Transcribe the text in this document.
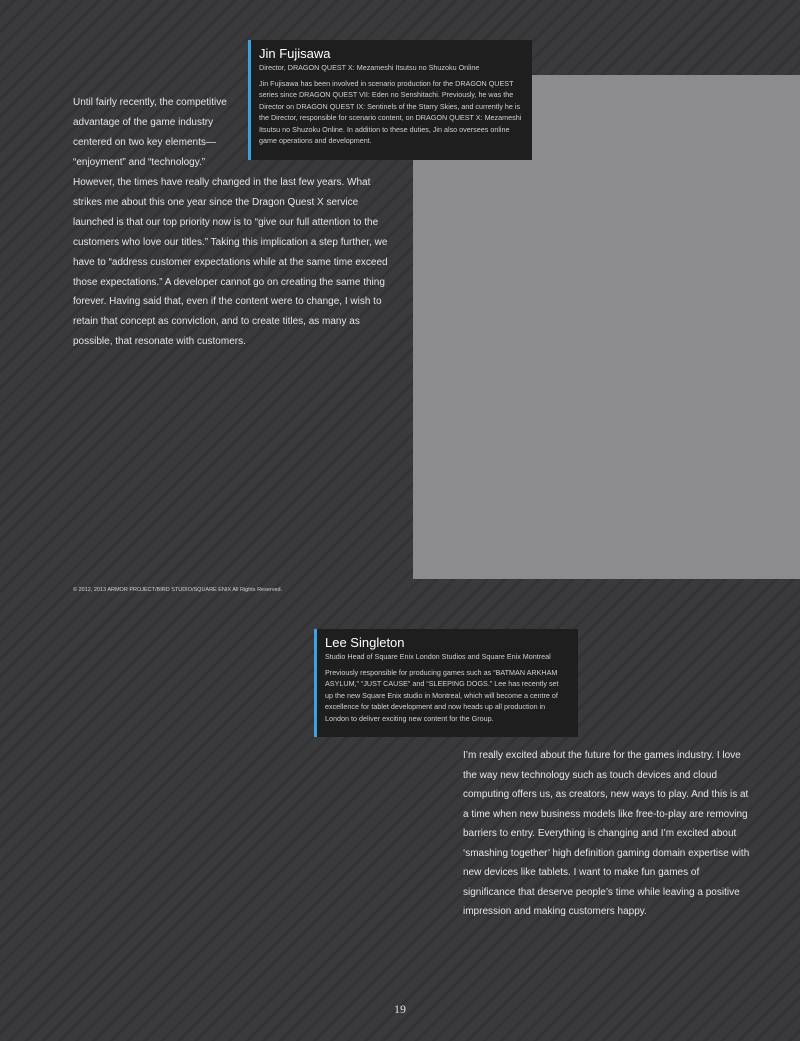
Until fairly recently, the competitive advantage of the game industry centered on two key elements— “enjoyment” and “technology.”
However, the times have really changed in the last few years. What strikes me about this one year since the Dragon Quest X service launched is that our top priority now is to “give our full attention to the customers who love our titles.” Taking this implication a step further, we have to “address customer expectations while at the same time exceed those expectations.” A developer cannot go on creating the same thing forever. Having said that, even if the content were to change, I wish to retain that concept as conviction, and to create titles, as many as possible, that resonate with customers.
Jin Fujisawa
Director, DRAGON QUEST X: Mezameshi Itsutsu no Shuzoku Online
Jin Fujisawa has been involved in scenario production for the DRAGON QUEST series since DRAGON QUEST VII: Eden no Senshitachi. Previously, he was the Director on DRAGON QUEST IX: Sentinels of the Starry Skies, and currently he is the Director, responsible for scenario content, on DRAGON QUEST X: Mezameshi Itsutsu no Shuzoku Online. In addition to these duties, Jin also oversees online game operations and development.
© 2012, 2013 ARMOR PROJECT/BIRD STUDIO/SQUARE ENIX All Rights Reserved.
Lee Singleton
Studio Head of Square Enix London Studios and Square Enix Montreal
Previously responsible for producing games such as “BATMAN ARKHAM ASYLUM,” “JUST CAUSE” and “SLEEPING DOGS.” Lee has recently set up the new Square Enix studio in Montreal, which will become a centre of excellence for tablet development and now heads up all production in London to deliver exciting new content for the Group.
I’m really excited about the future for the games industry. I love the way new technology such as touch devices and cloud computing offers us, as creators, new ways to play. And this is at a time when new business models like free-to-play are removing barriers to entry. Everything is changing and I’m excited about ‘smashing together’ high definition gaming domain expertise with new devices like tablets. I want to make fun games of significance that deserve people’s time while leaving a positive impression and making customers happy.
19
